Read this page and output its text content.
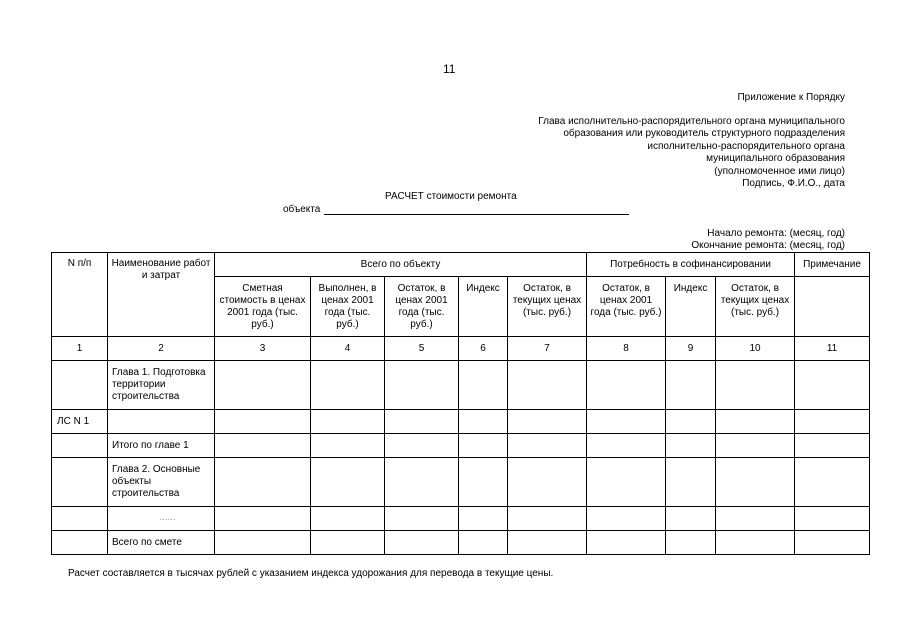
11
Приложение к Порядку
Глава исполнительно-распорядительного органа муниципального
образования или руководитель структурного подразделения
исполнительно-распорядительного органа
муниципального образования
(уполномоченное ими лицо)
Подпись, Ф.И.О., дата
РАСЧЕТ стоимости ремонта
объекта
Начало ремонта: (месяц, год)
Окончание ремонта: (месяц, год)
N п/п	Наименование работ и затрат	Всего по объекту					Потребность в софинансировании			Примечание
		Сметная стоимость в ценах 2001 года (тыс. руб.)	Выполнен, в ценах 2001 года (тыс. руб.)	Остаток, в ценах 2001 года (тыс. руб.)	Индекс	Остаток, в текущих ценах (тыс. руб.)	Остаток, в ценах 2001 года (тыс. руб.)	Индекс	Остаток, в текущих ценах (тыс. руб.)	
1	2	3	4	5	6	7	8	9	10	11
	Глава 1. Подготовка территории строительства									
ЛС N 1										
	Итого по главе 1									
	Глава 2. Основные объекты строительства									
	......									
	Всего по смете									
Расчет составляется в тысячах рублей с указанием индекса удорожания для перевода в текущие цены.
